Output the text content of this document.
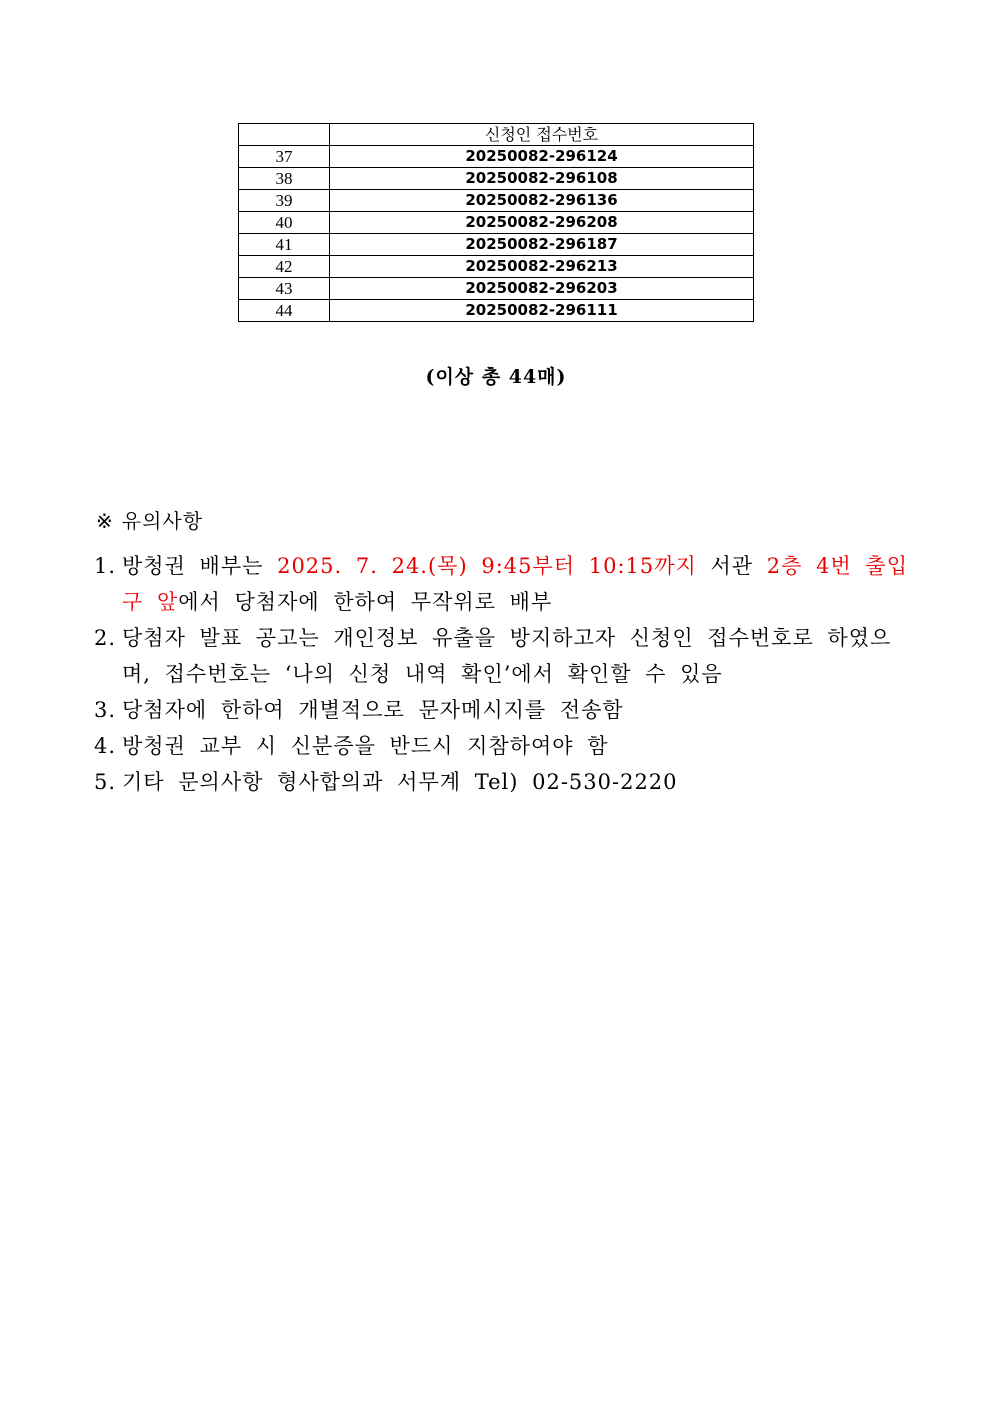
	신청인 접수번호
37	20250082-296124
38	20250082-296108
39	20250082-296136
40	20250082-296208
41	20250082-296187
42	20250082-296213
43	20250082-296203
44	20250082-296111
(이상 총 44매)
※ 유의사항
1. 방청권 배부는 2025. 7. 24.(목) 9:45부터 10:15까지 서관 2층 4번 출입구 앞에서 당첨자에 한하여 무작위로 배부
2. 당첨자 발표 공고는 개인정보 유출을 방지하고자 신청인 접수번호로 하였으며, 접수번호는 ‘나의 신청 내역 확인’에서 확인할 수 있음
3. 당첨자에 한하여 개별적으로 문자메시지를 전송함
4. 방청권 교부 시 신분증을 반드시 지참하여야 함
5. 기타 문의사항 형사합의과 서무계 Tel) 02-530-2220
